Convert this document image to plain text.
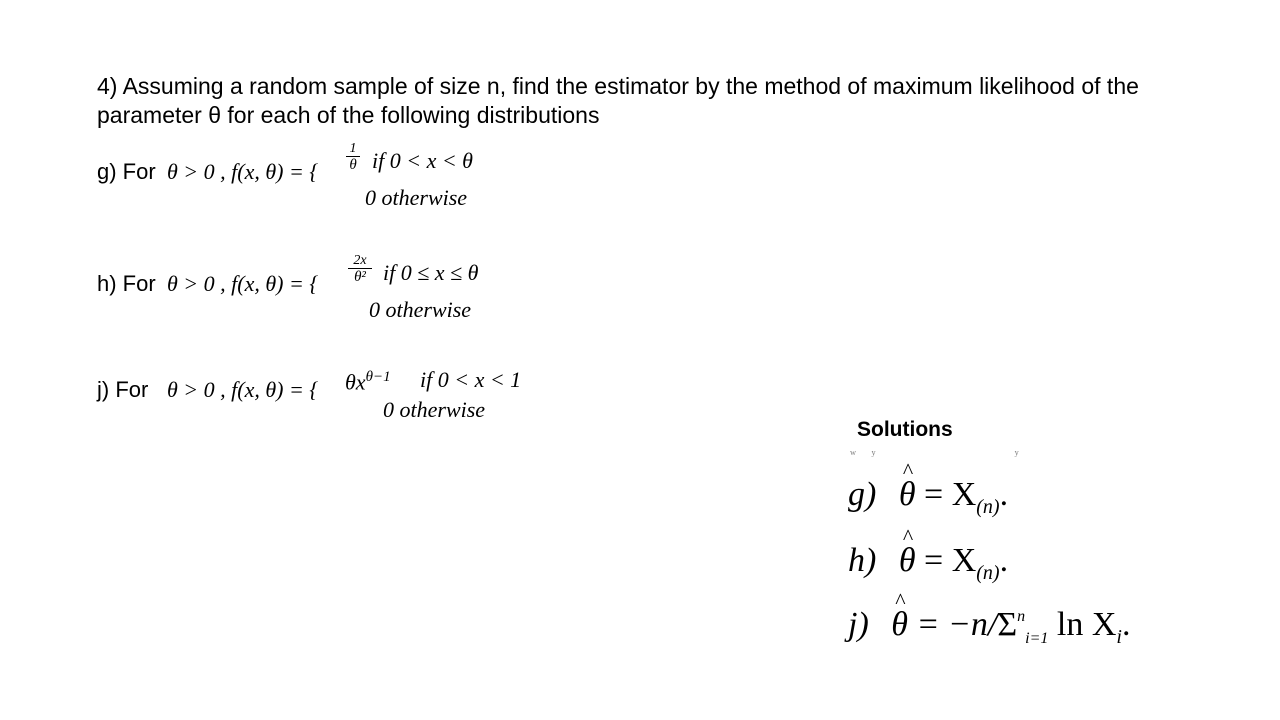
4) Assuming a random sample of size n, find the estimator by the method of maximum likelihood of the parameter θ for each of the following distributions
g) For θ > 0 , f(x, θ) = { $\frac{1}{\theta}$ if 0 < x < θ
0 otherwise
h) For θ > 0 , f(x, θ) = { $\frac{2x}{\text{θ²}}$ if 0 ≤ x ≤ θ
0 otherwise
j) For θ > 0 , f(x, θ) = { $\theta x^{\theta-1}$ if 0 < x < 1
0 otherwise
Solutions
ʷ ʸ              ʸ
g) ^ $\theta = X_{(n)}$.
h) ^ $\theta = X_{(n)}$.
j) ^ $\theta = -n/\Sigma^n_{i=1}$ $\ln X_i$.
